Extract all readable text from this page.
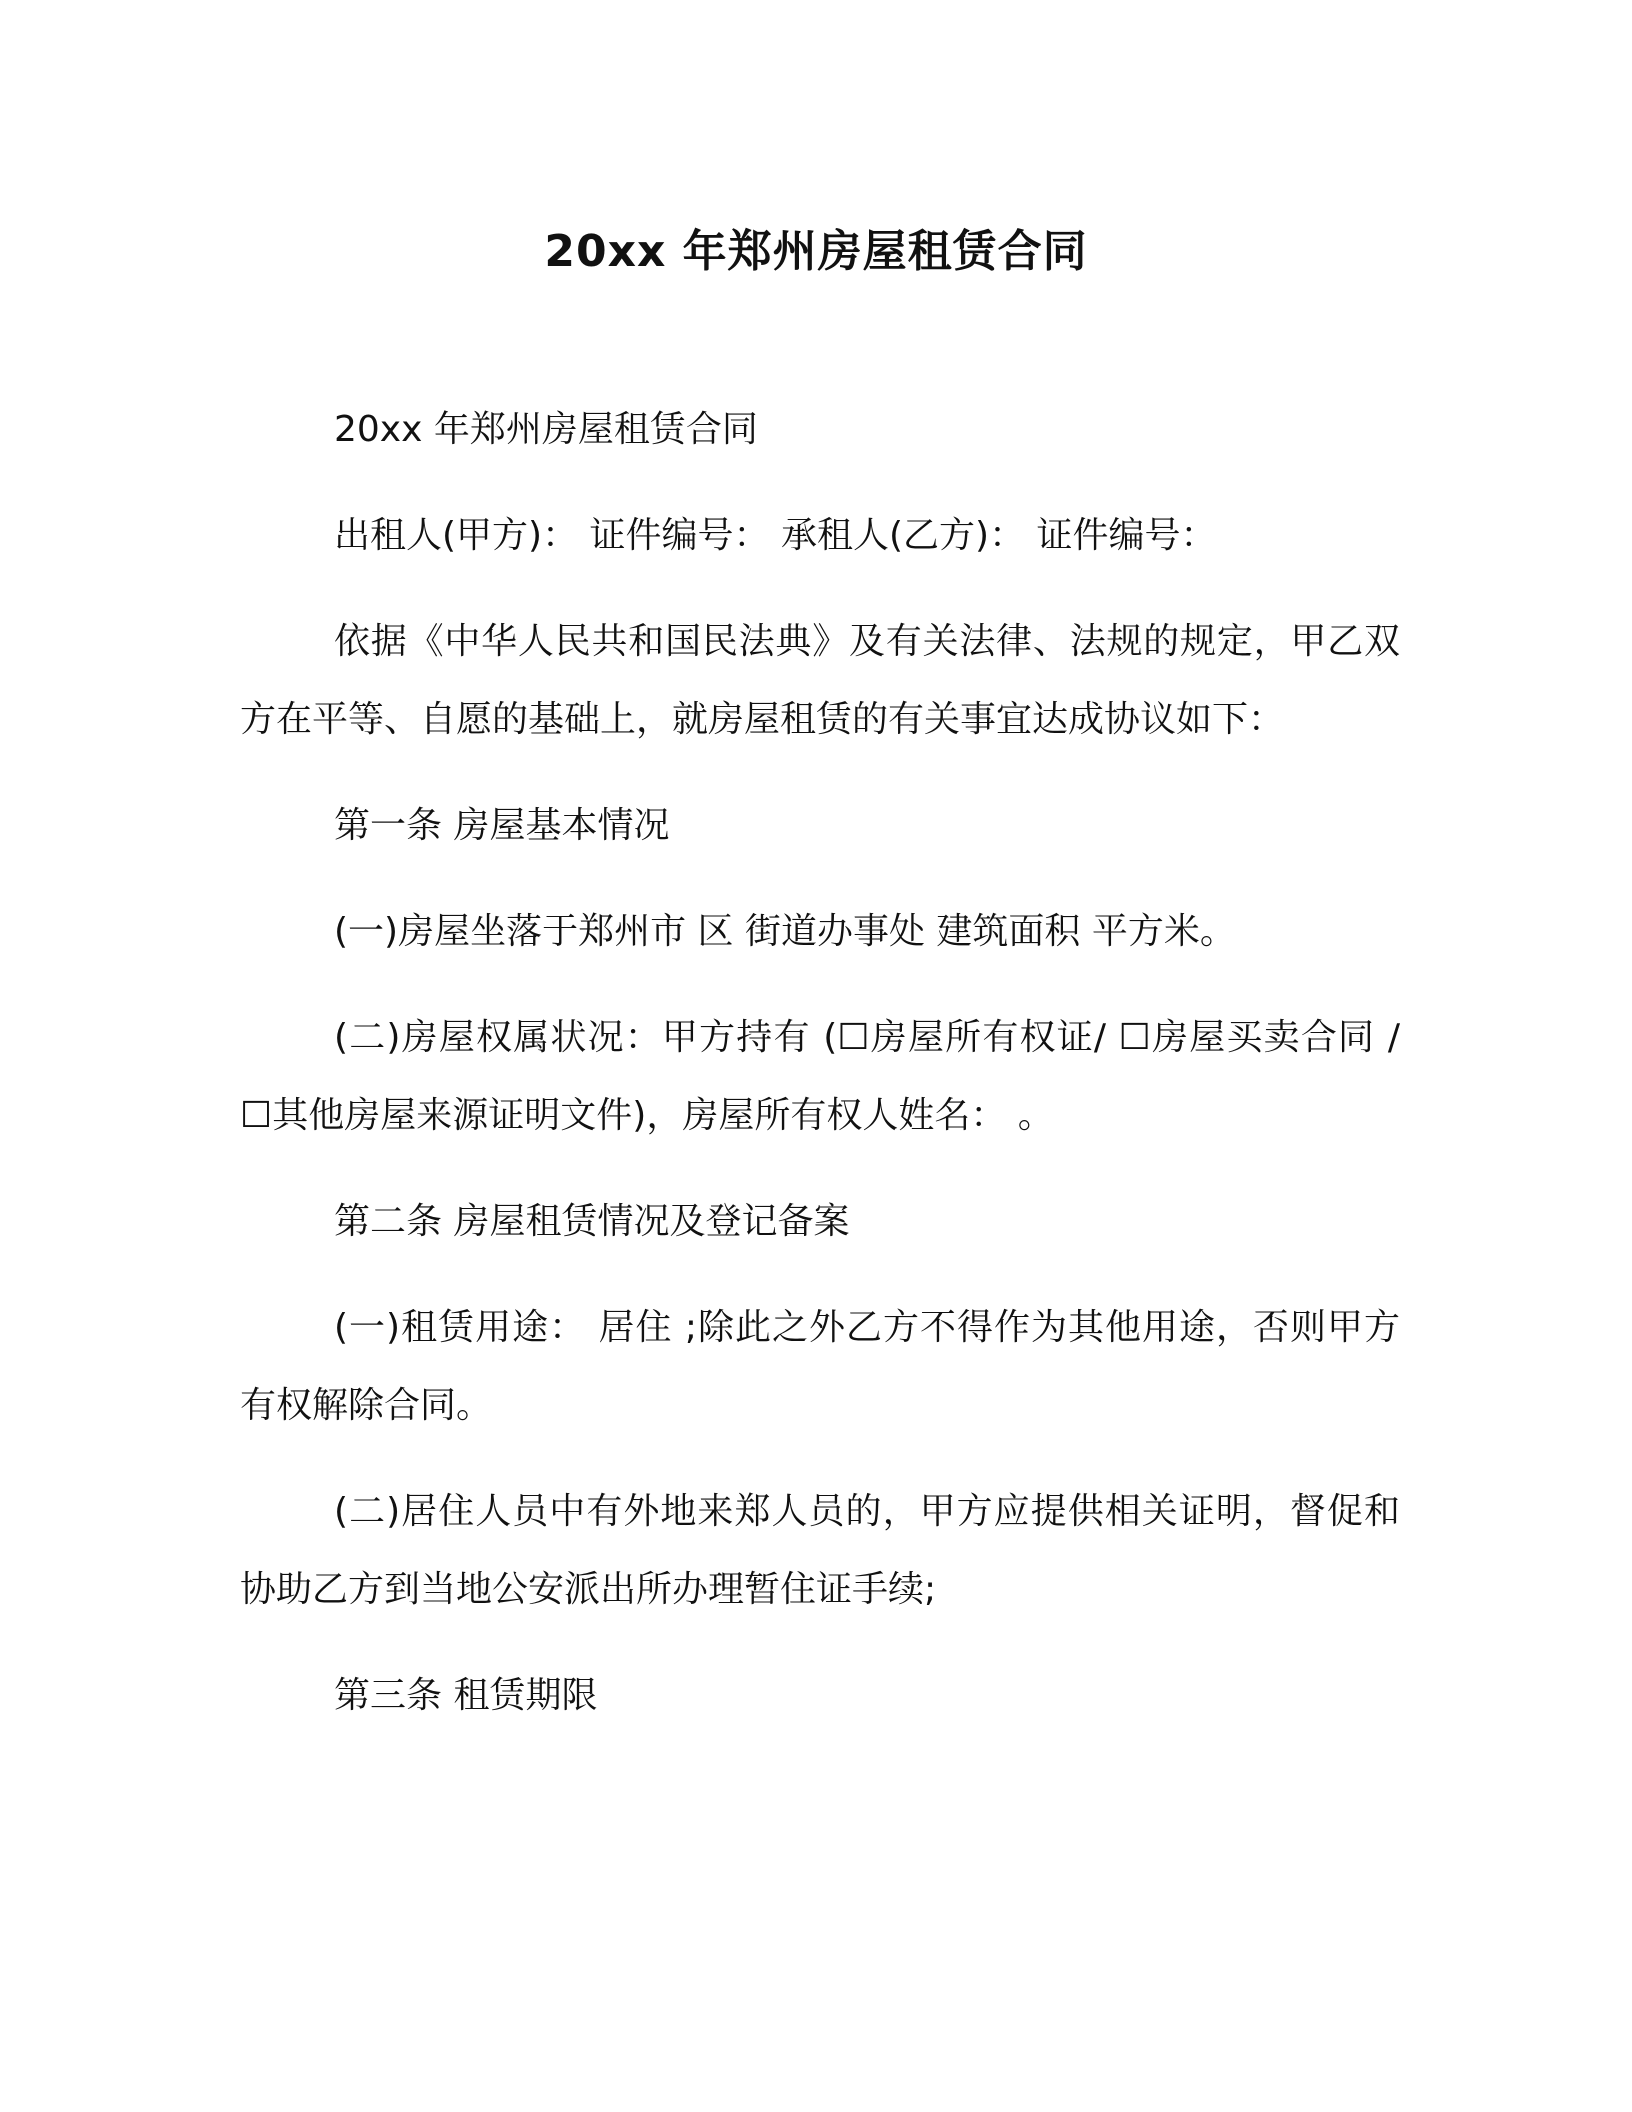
20xx 年郑州房屋租赁合同

20xx 年郑州房屋租赁合同

出租人(甲方)： 证件编号： 承租人(乙方)： 证件编号：

依据《中华人民共和国民法典》及有关法律、法规的规定，甲乙双方在平等、自愿的基础上，就房屋租赁的有关事宜达成协议如下：

第一条 房屋基本情况

(一)房屋坐落于郑州市 区 街道办事处 建筑面积 平方米。

(二)房屋权属状况：甲方持有 (☐房屋所有权证/ ☐房屋买卖合同 / ☐其他房屋来源证明文件)，房屋所有权人姓名： 。

第二条 房屋租赁情况及登记备案

(一)租赁用途： 居住 ;除此之外乙方不得作为其他用途，否则甲方有权解除合同。

(二)居住人员中有外地来郑人员的，甲方应提供相关证明，督促和协助乙方到当地公安派出所办理暂住证手续;

第三条 租赁期限
